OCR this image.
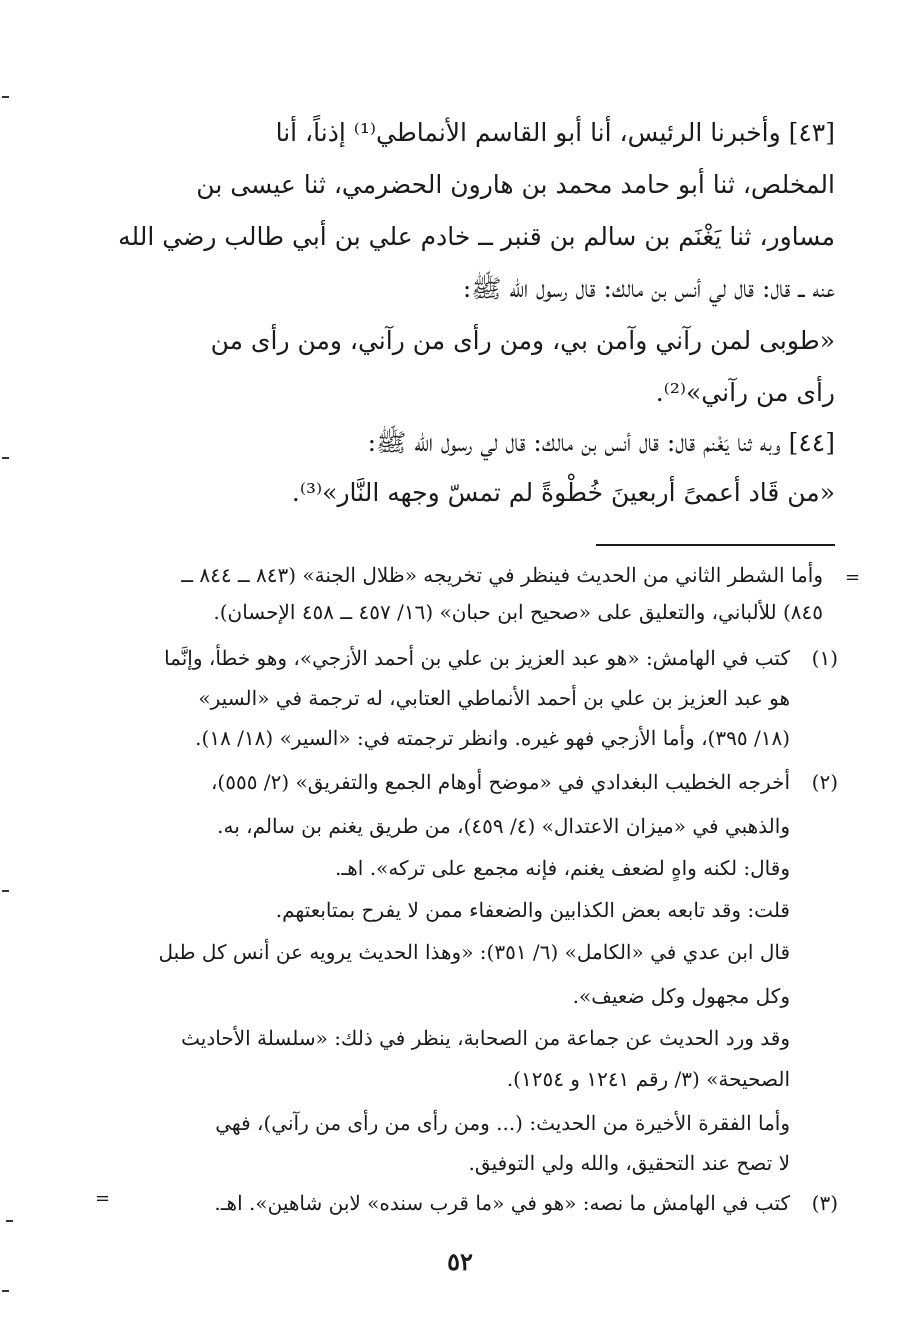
[٤٣] وأخبرنا الرئيس، أنا أبو القاسم الأنماطي⁽¹⁾ إذناً، أنا
المخلص، ثنا أبو حامد محمد بن هارون الحضرمي، ثنا عيسى بن
مساور، ثنا يَغْنَم بن سالم بن قنبر ــ خادم علي بن أبي طالب رضي الله
عنه ــ قال: قال لي أنس بن مالك: قال رسول الله ﷺ:
«طوبى لمن رآني وآمن بي، ومن رأى من رآني، ومن رأى من
رأى من رآني»⁽²⁾.
[٤٤] وبه ثنا يَغْنم قال: قال أنس بن مالك: قال لي رسول الله ﷺ:
«من قَاد أعمىً أربعينَ خُطْوةً لم تمسّ وجهه النَّار»⁽³⁾.
=
وأما الشطر الثاني من الحديث فينظر في تخريجه «ظلال الجنة» (٨٤٣ ــ ٨٤٤ ــ
٨٤٥) للألباني، والتعليق على «صحيح ابن حبان» (١٦/ ٤٥٧ ــ ٤٥٨ الإحسان).
(١)
كتب في الهامش: «هو عبد العزيز بن علي بن أحمد الأزجي»، وهو خطأ، وإنَّما
هو عبد العزيز بن علي بن أحمد الأنماطي العتابي، له ترجمة في «السير»
(١٨/ ٣٩٥)، وأما الأزجي فهو غيره. وانظر ترجمته في: «السير» (١٨/ ١٨).
(٢)
أخرجه الخطيب البغدادي في «موضح أوهام الجمع والتفريق» (٢/ ٥٥٥)،
والذهبي في «ميزان الاعتدال» (٤/ ٤٥٩)، من طريق يغنم بن سالم، به.
وقال: لكنه واهٍ لضعف يغنم، فإنه مجمع على تركه». اهـ.
قلت: وقد تابعه بعض الكذابين والضعفاء ممن لا يفرح بمتابعتهم.
قال ابن عدي في «الكامل» (٦/ ٣٥١): «وهذا الحديث يرويه عن أنس كل طبل
وكل مجهول وكل ضعيف».
وقد ورد الحديث عن جماعة من الصحابة، ينظر في ذلك: «سلسلة الأحاديث
الصحيحة» (٣/ رقم ١٢٤١ و ١٢٥٤).
وأما الفقرة الأخيرة من الحديث: (... ومن رأى من رأى من رآني)، فهي
لا تصح عند التحقيق، والله ولي التوفيق.
(٣)
كتب في الهامش ما نصه: «هو في «ما قرب سنده» لابن شاهين». اهـ.
=
٥٢
